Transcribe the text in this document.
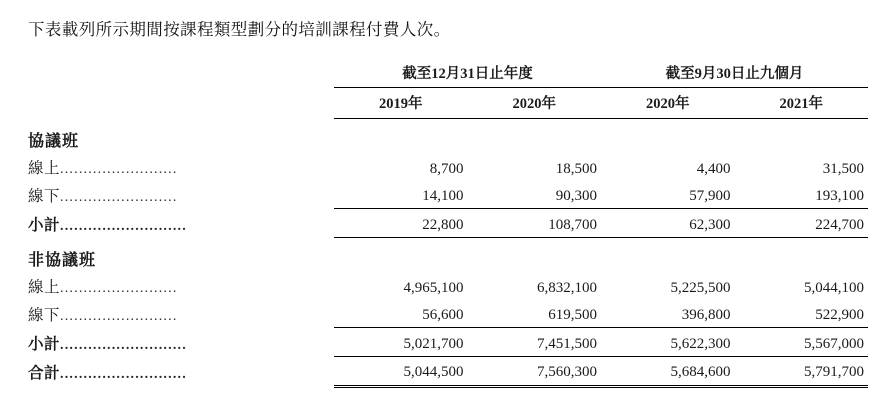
下表載列所示期間按課程類型劃分的培訓課程付費人次。
	截至12月31日止年度		截至9月30日止九個月	
	2019年	2020年	2020年	2021年
協議班				
線上.........................	8,700	18,500	4,400	31,500
線下.........................	14,100	90,300	57,900	193,100
小計...........................	22,800	108,700	62,300	224,700
非協議班				
線上.........................	4,965,100	6,832,100	5,225,500	5,044,100
線下.........................	56,600	619,500	396,800	522,900
小計...........................	5,021,700	7,451,500	5,622,300	5,567,000
合計...........................	5,044,500	7,560,300	5,684,600	5,791,700
